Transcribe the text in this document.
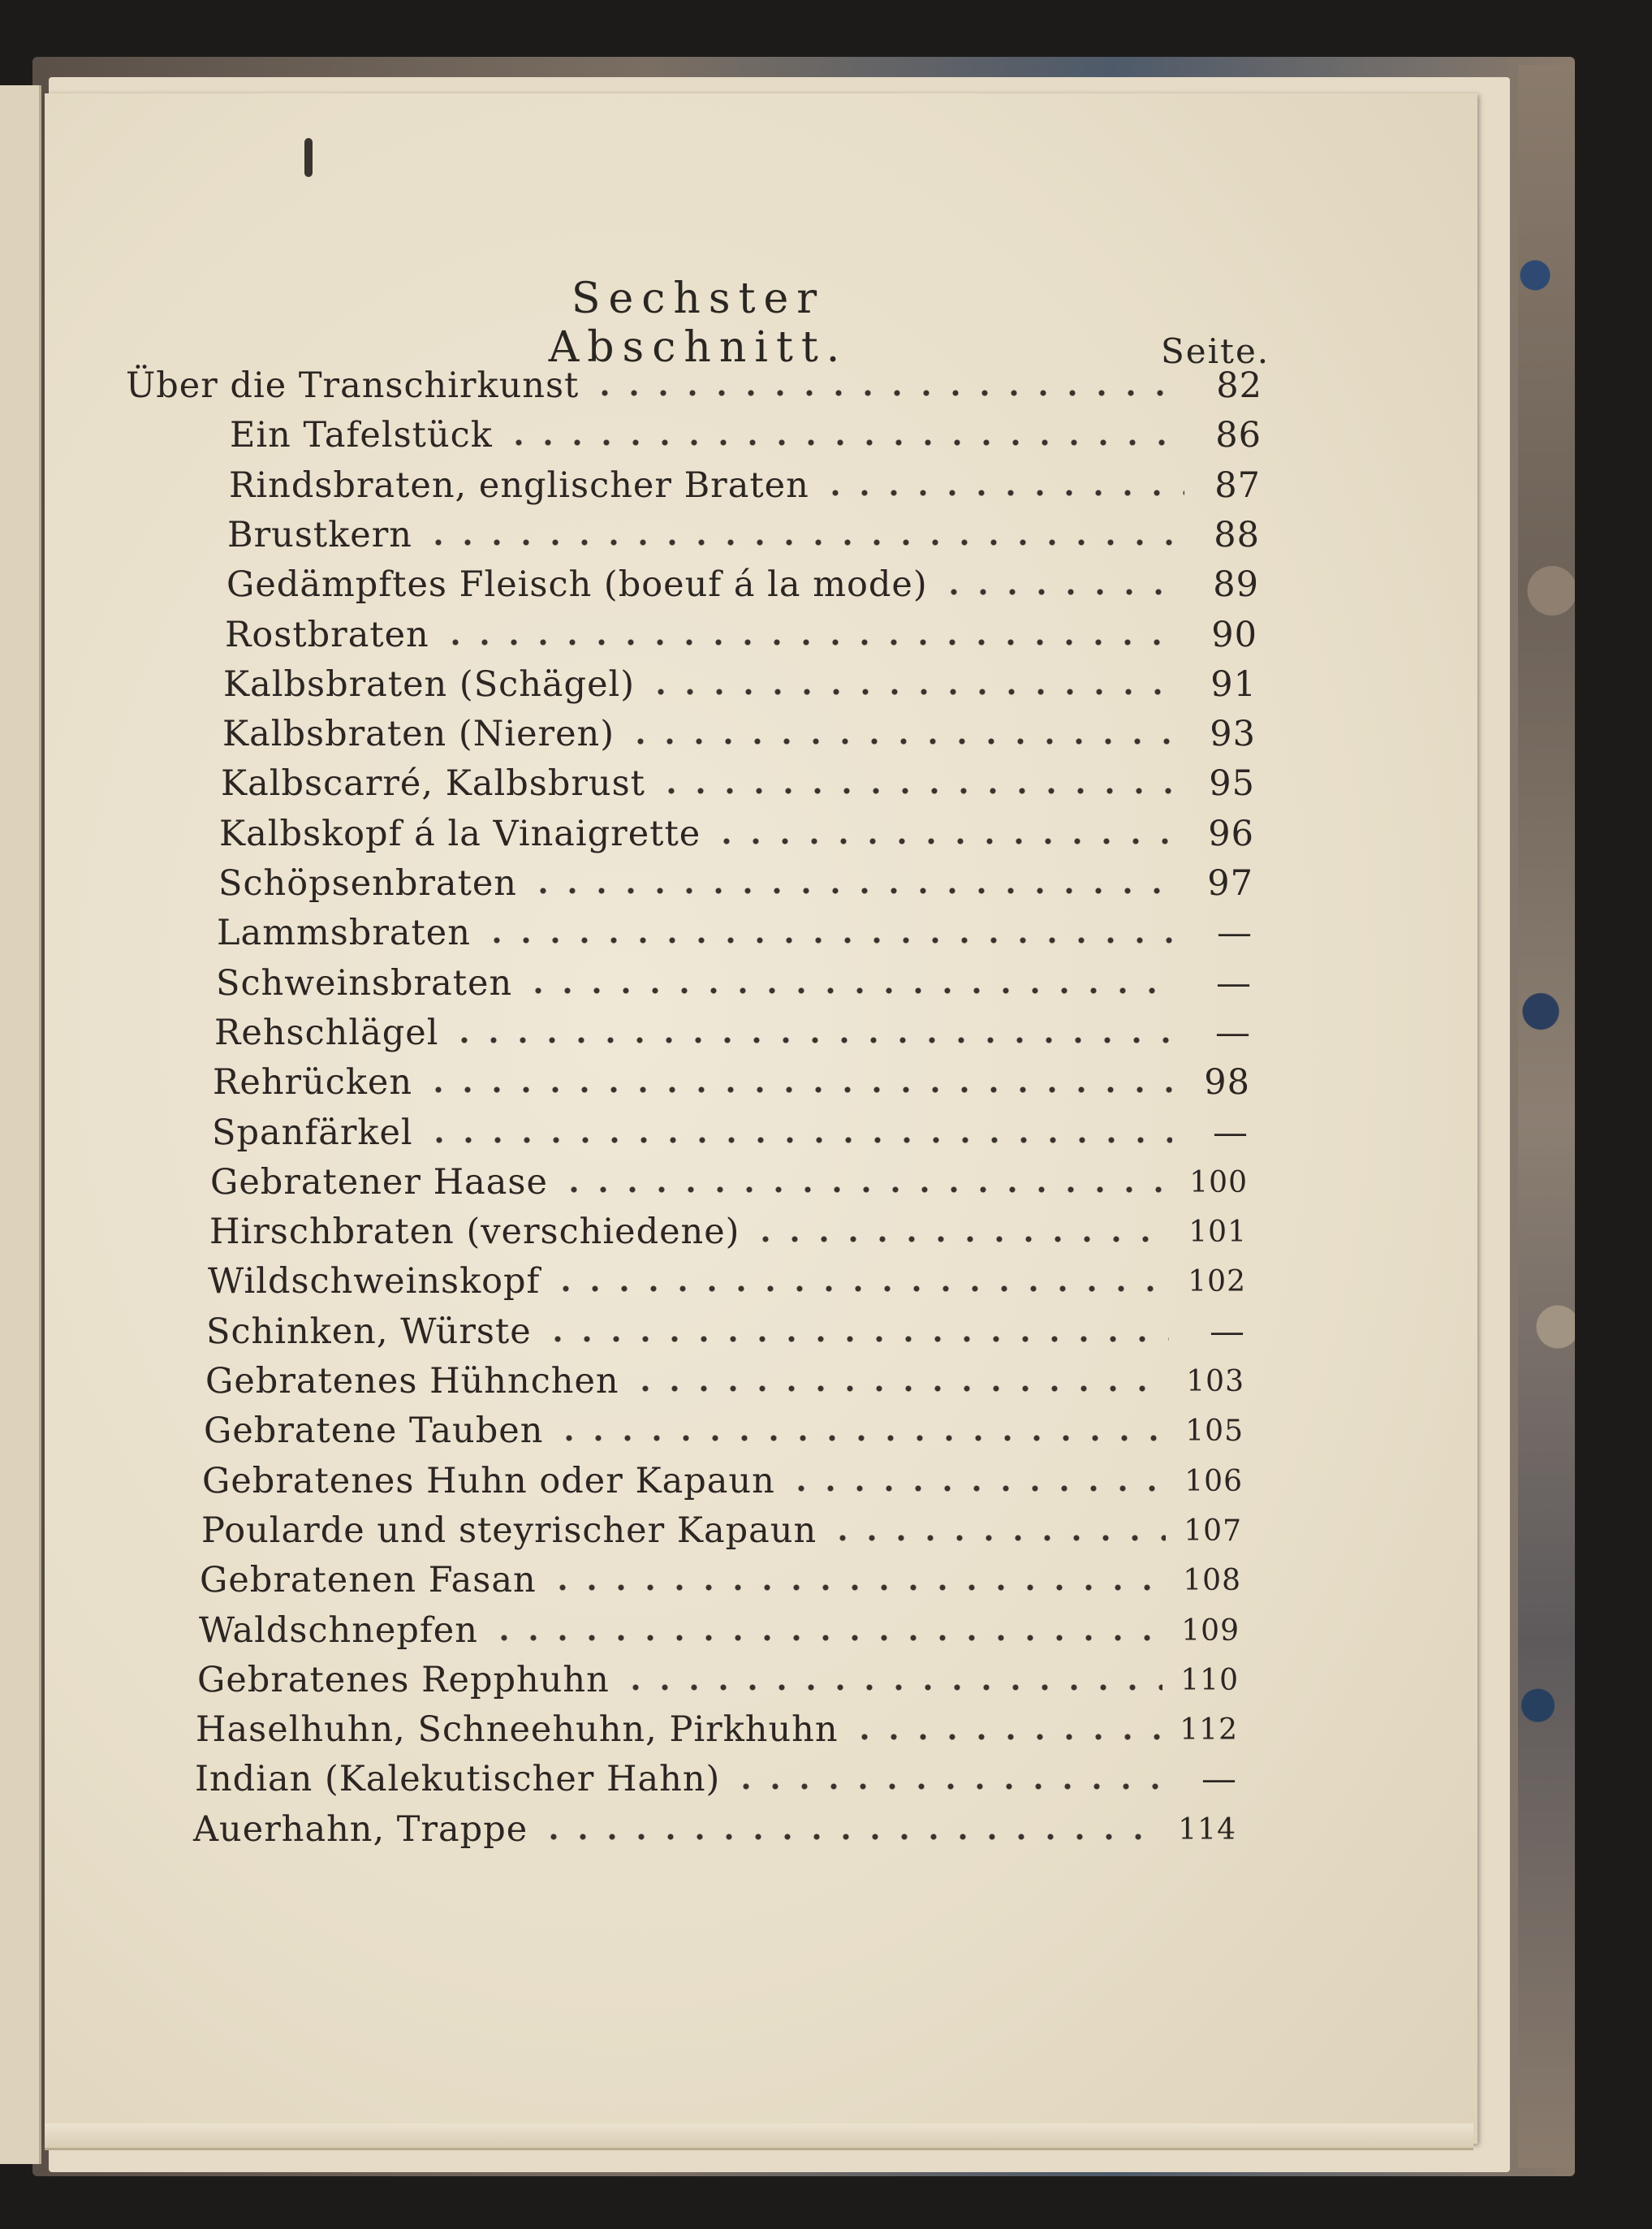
Sechster Abschnitt.	Seite.
Über die Transchirkunst	82
Ein Tafelstück	86
Rindsbraten, englischer Braten	87
Brustkern	88
Gedämpftes Fleisch (boeuf á la mode)	89
Rostbraten	90
Kalbsbraten (Schägel)	91
Kalbsbraten (Nieren)	93
Kalbscarré, Kalbsbrust	95
Kalbskopf á la Vinaigrette	96
Schöpsenbraten	97
Lammsbraten	—
Schweinsbraten	—
Rehschlägel	—
Rehrücken	98
Spanfärkel	—
Gebratener Haase	100
Hirschbraten (verschiedene)	101
Wildschweinskopf	102
Schinken, Würste	—
Gebratenes Hühnchen	103
Gebratene Tauben	105
Gebratenes Huhn oder Kapaun	106
Poularde und steyrischer Kapaun	107
Gebratenen Fasan	108
Waldschnepfen	109
Gebratenes Repphuhn	110
Haselhuhn, Schneehuhn, Pirkhuhn	112
Indian (Kalekutischer Hahn)	—
Auerhahn, Trappe	114
